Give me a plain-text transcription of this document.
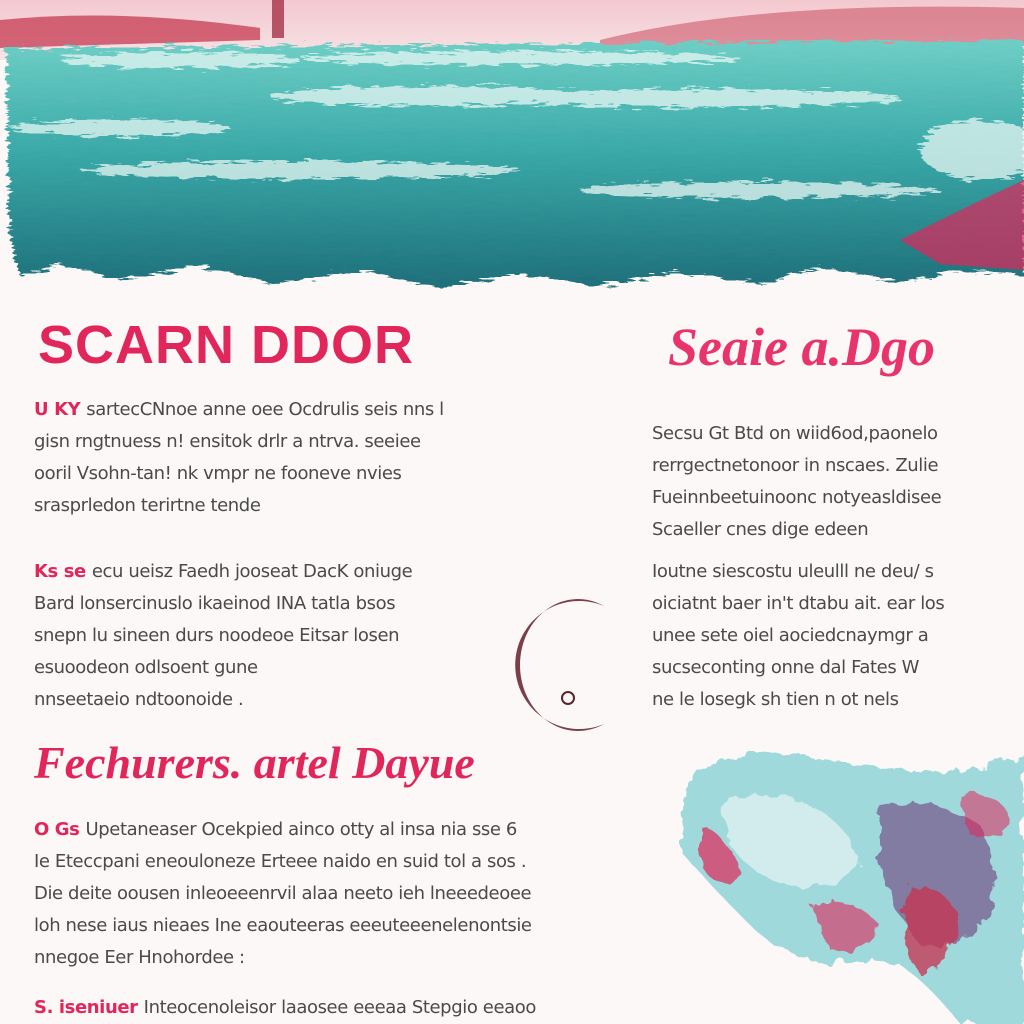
SCARN DDOR	Seaie a.Dgo
Fechurers. artel Dayue

U KY sartecCNnoe anne oee Ocdrulis seis nns l
gisn rngtnuess n! ensitok drlr a ntrva. seeiee
ooril Vsohn-tan! nk vmpr ne fooneve nvies
srasprledon terirtne tende

Ks se ecu ueisz Faedh jooseat DacK oniuge
Bard lonsercinuslo ikaeinod INA tatla bsos
snepn lu sineen durs noodeoe Eitsar losen
esuoodeon odlsoent gune
nnseetaeio ndtoonoide .

Secsu Gt Btd on wiid6od,paonelo
rerrgectnetonoor in nscaes. Zulie
Fueinnbeetuinoonc notyeasldisee
Scaeller cnes dige edeen

Ioutne siescostu uleulll ne deu/ s
oiciatnt baer in't dtabu ait. ear los
unee sete oiel aociedcnaymgr a
sucseconting onne dal Fates W
ne le losegk sh tien n ot nels

O Gs Upetaneaser Ocekpied ainco otty al insa nia sse 6
Ie Eteccpani eneouloneze Erteee naido en suid tol a sos .
Die deite oousen inleoeeenrvil alaa neeto ieh lneeedeoee
loh nese iaus nieaes Ine eaouteeras eeeuteeenelenontsie
nnegoe Eer Hnohordee :

S. iseniuer Inteocenoleisor laaosee eeeaa Stepgio eeaoo
